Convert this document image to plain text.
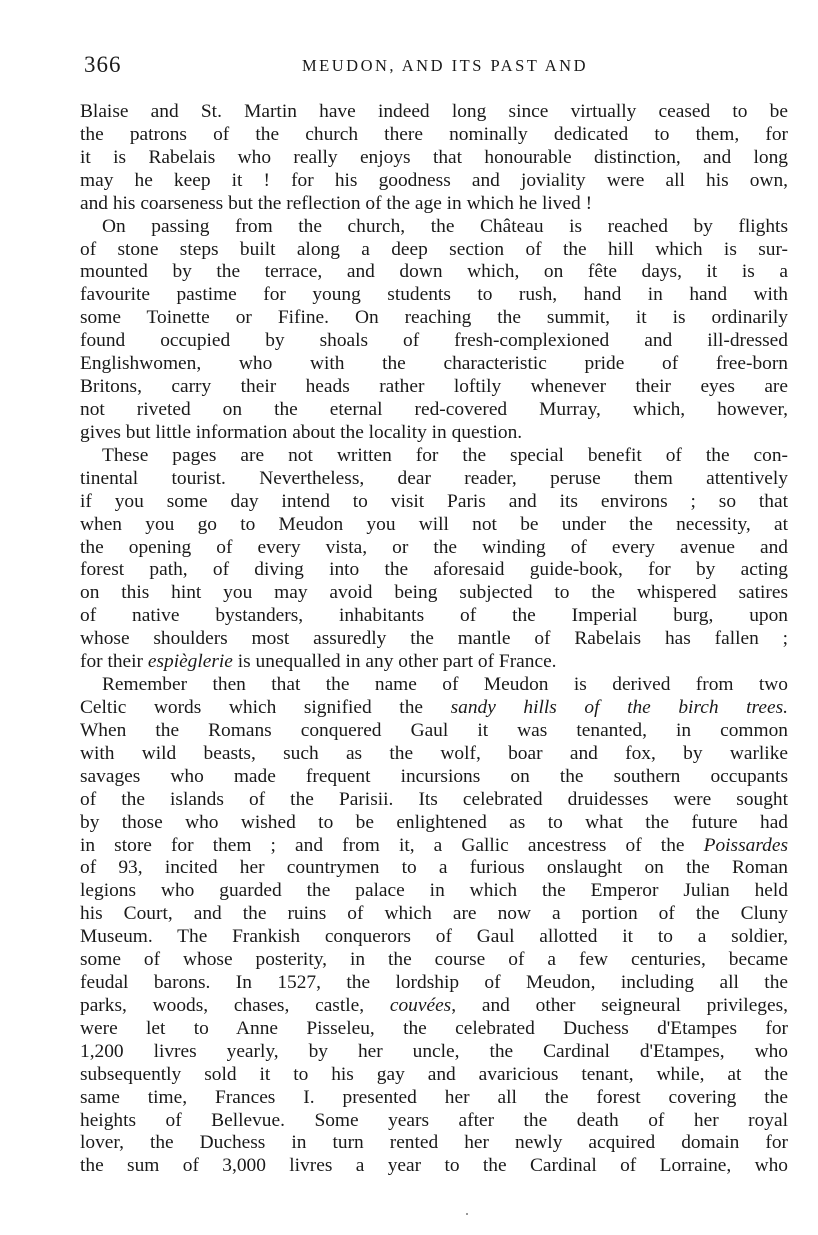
366	MEUDON, AND ITS PAST AND
Blaise and St. Martin have indeed long since virtually ceased to be
the patrons of the church there nominally dedicated to them, for
it is Rabelais who really enjoys that honourable distinction, and long
may he keep it ! for his goodness and joviality were all his own,
and his coarseness but the reflection of the age in which he lived !
On passing from the church, the Château is reached by flights
of stone steps built along a deep section of the hill which is sur-
mounted by the terrace, and down which, on fête days, it is a
favourite pastime for young students to rush, hand in hand with
some Toinette or Fifine. On reaching the summit, it is ordinarily
found occupied by shoals of fresh-complexioned and ill-dressed
Englishwomen, who with the characteristic pride of free-born
Britons, carry their heads rather loftily whenever their eyes are
not riveted on the eternal red-covered Murray, which, however,
gives but little information about the locality in question.
These pages are not written for the special benefit of the con-
tinental tourist. Nevertheless, dear reader, peruse them attentively
if you some day intend to visit Paris and its environs ; so that
when you go to Meudon you will not be under the necessity, at
the opening of every vista, or the winding of every avenue and
forest path, of diving into the aforesaid guide-book, for by acting
on this hint you may avoid being subjected to the whispered satires
of native bystanders, inhabitants of the Imperial burg, upon
whose shoulders most assuredly the mantle of Rabelais has fallen ;
for their espièglerie is unequalled in any other part of France.
Remember then that the name of Meudon is derived from two
Celtic words which signified the sandy hills of the birch trees.
When the Romans conquered Gaul it was tenanted, in common
with wild beasts, such as the wolf, boar and fox, by warlike
savages who made frequent incursions on the southern occupants
of the islands of the Parisii. Its celebrated druidesses were sought
by those who wished to be enlightened as to what the future had
in store for them ; and from it, a Gallic ancestress of the Poissardes
of 93, incited her countrymen to a furious onslaught on the Roman
legions who guarded the palace in which the Emperor Julian held
his Court, and the ruins of which are now a portion of the Cluny
Museum. The Frankish conquerors of Gaul allotted it to a soldier,
some of whose posterity, in the course of a few centuries, became
feudal barons. In 1527, the lordship of Meudon, including all the
parks, woods, chases, castle, couvées, and other seigneural privileges,
were let to Anne Pisseleu, the celebrated Duchess d'Etampes for
1,200 livres yearly, by her uncle, the Cardinal d'Etampes, who
subsequently sold it to his gay and avaricious tenant, while, at the
same time, Frances I. presented her all the forest covering the
heights of Bellevue. Some years after the death of her royal
lover, the Duchess in turn rented her newly acquired domain for
the sum of 3,000 livres a year to the Cardinal of Lorraine, who
